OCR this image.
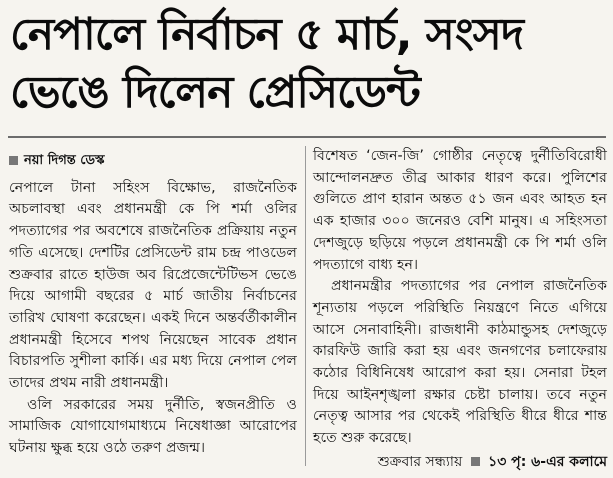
নেপালে নির্বাচন ৫ মার্চ, সংসদ
ভেঙে দিলেন প্রেসিডেন্ট
নয়া দিগন্ত ডেস্ক

নেপালে টানা সহিংস বিক্ষোভ, রাজনৈতিক অচলাবস্থা এবং প্রধানমন্ত্রী কে পি শর্মা ওলির পদত্যাগের পর অবশেষে রাজনৈতিক প্রক্রিয়ায় নতুন গতি এসেছে। দেশটির প্রেসিডেন্ট রাম চন্দ্র পাওডেল শুক্রবার রাতে হাউজ অব রিপ্রেজেন্টেটিভস ভেঙে দিয়ে আগামী বছরের ৫ মার্চ জাতীয় নির্বাচনের তারিখ ঘোষণা করেছেন। একই দিনে অন্তর্বর্তীকালীন প্রধানমন্ত্রী হিসেবে শপথ নিয়েছেন সাবেক প্রধান বিচারপতি সুশীলা কার্কি। এর মধ্য দিয়ে নেপাল পেল তাদের প্রথম নারী প্রধানমন্ত্রী।

ওলি সরকারের সময় দুর্নীতি, স্বজনপ্রীতি ও সামাজিক যোগাযোগমাধ্যমে নিষেধাজ্ঞা আরোপের ঘটনায় ক্ষুব্ধ হয়ে ওঠে তরুণ প্রজন্ম।

বিশেষত ‘জেন-জি’ গোষ্ঠীর নেতৃত্বে দুর্নীতিবিরোধী আন্দোলনদ্রুত তীব্র আকার ধারণ করে। পুলিশের গুলিতে প্রাণ হারান অন্তত ৫১ জন এবং আহত হন এক হাজার ৩০০ জনেরও বেশি মানুষ। এ সহিংসতা দেশজুড়ে ছড়িয়ে পড়লে প্রধানমন্ত্রী কে পি শর্মা ওলি পদত্যাগে বাধ্য হন।

প্রধানমন্ত্রীর পদত্যাগের পর নেপাল রাজনৈতিক শূন্যতায় পড়লে পরিস্থিতি নিয়ন্ত্রণে নিতে এগিয়ে আসে সেনাবাহিনী। রাজধানী কাঠমান্ডুসহ দেশজুড়ে কারফিউ জারি করা হয় এবং জনগণের চলাফেরায় কঠোর বিধিনিষেধ আরোপ করা হয়। সেনারা টহল দিয়ে আইনশৃঙ্খলা রক্ষার চেষ্টা চালায়। তবে নতুন নেতৃত্ব আসার পর থেকেই পরিস্থিতি ধীরে ধীরে শান্ত হতে শুরু করেছে।

শুক্রবার সন্ধ্যায় ১৩ পৃ: ৬-এর কলামে
